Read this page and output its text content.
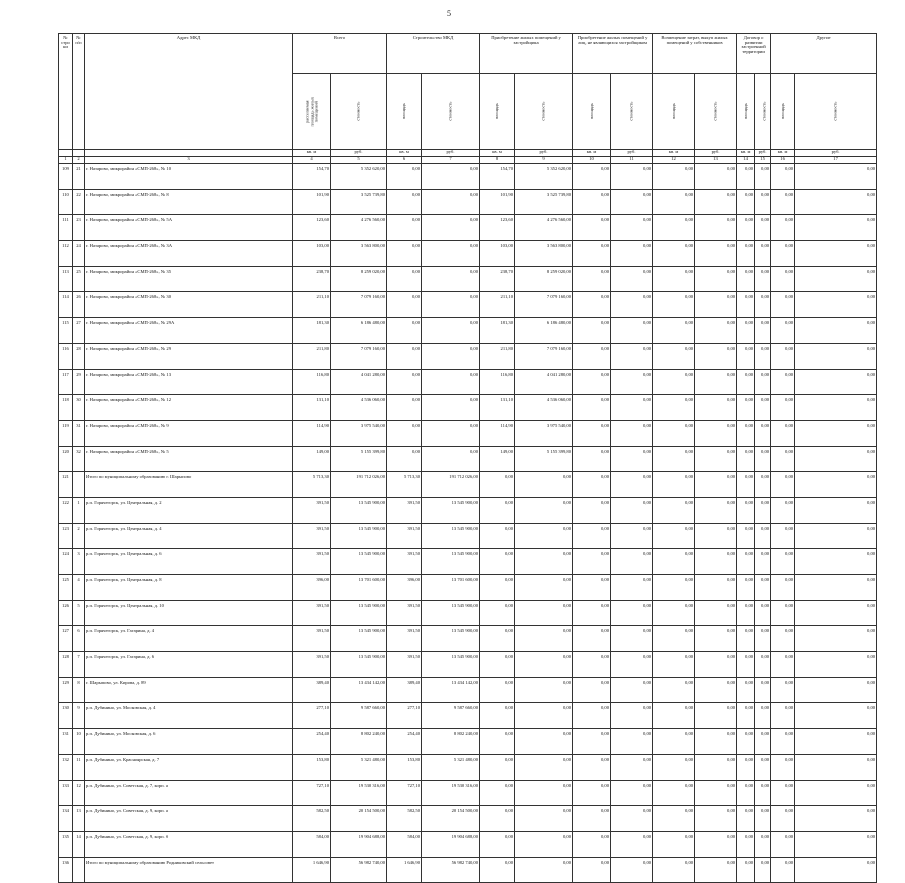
5
№ стро ки	№ п/п	Адрес МКД	Всего		Строительство МКД		Приобретение жилых помещений у застройщика		Приобретение жилых помещений у лиц, не являющихся застройщиком		Возмещение затрат, выкуп жилых помещений у собственников		Договор о развитии застроенной территории		Другие	
			расселяемая площадь жилых помещений	стоимость	площадь	стоимость	площадь	стоимость	площадь	стоимость	площадь	стоимость	площадь	стоимость	площадь	стоимость
			кв. м	руб.	кв. м	руб.	кв. м	руб.	кв. м	руб.	кв. м	руб.	кв. м	руб.	кв. м	руб.
1	2	3	4	5	6	7	8	9	10	11	12	13	14	15	16	17
109	21	г. Назарово, микрорайон «СМП-268», № 10	154,70	5 352 620,00	0,00	0,00	154,70	5 352 620,00	0,00	0,00	0,00	0,00	0,00	0,00	0,00	0,00
110	22	г. Назарово, микрорайон «СМП-268», № 8	101,90	3 525 739,80	0,00	0,00	101,90	3 525 739,80	0,00	0,00	0,00	0,00	0,00	0,00	0,00	0,00
111	23	г. Назарово, микрорайон «СМП-268», № 5А	123,60	4 276 560,00	0,00	0,00	123,60	4 276 560,00	0,00	0,00	0,00	0,00	0,00	0,00	0,00	0,00
112	24	г. Назарово, микрорайон «СМП-268», № 3А	103,00	3 563 800,00	0,00	0,00	103,00	3 563 800,00	0,00	0,00	0,00	0,00	0,00	0,00	0,00	0,00
113	25	г. Назарово, микрорайон «СМП-268», № 35	238,70	8 259 020,00	0,00	0,00	238,70	8 259 020,00	0,00	0,00	0,00	0,00	0,00	0,00	0,00	0,00
114	26	г. Назарово, микрорайон «СМП-268», № 30	211,10	7 079 160,00	0,00	0,00	211,10	7 079 160,00	0,00	0,00	0,00	0,00	0,00	0,00	0,00	0,00
115	27	г. Назарово, микрорайон «СМП-268», № 29А	181,30	6 186 480,00	0,00	0,00	181,30	6 186 480,00	0,00	0,00	0,00	0,00	0,00	0,00	0,00	0,00
116	28	г. Назарово, микрорайон «СМП-268», № 29	211,80	7 079 160,00	0,00	0,00	211,80	7 079 160,00	0,00	0,00	0,00	0,00	0,00	0,00	0,00	0,00
117	29	г. Назарово, микрорайон «СМП-268», № 13	116,80	4 041 280,00	0,00	0,00	116,80	4 041 280,00	0,00	0,00	0,00	0,00	0,00	0,00	0,00	0,00
118	30	г. Назарово, микрорайон «СМП-268», № 12	131,10	4 536 060,00	0,00	0,00	131,10	4 536 060,00	0,00	0,00	0,00	0,00	0,00	0,00	0,00	0,00
119	31	г. Назарово, микрорайон «СМП-268», № 9	114,90	3 975 540,00	0,00	0,00	114,90	3 975 540,00	0,00	0,00	0,00	0,00	0,00	0,00	0,00	0,00
120	32	г. Назарово, микрорайон «СМП-268», № 5	149,00	5 155 399,80	0,00	0,00	149,00	5 155 399,80	0,00	0,00	0,00	0,00	0,00	0,00	0,00	0,00
121		Итого по муниципальному образованию г. Шарыпово	5 713,30	191 712 026,00	5 713,30	191 712 026,00	0,00	0,00	0,00	0,00	0,00	0,00	0,00	0,00	0,00	0,00
122	1	р.п. Горячегорск, ул. Центральная, д. 2	391,50	13 545 900,00	391,50	13 545 900,00	0,00	0,00	0,00	0,00	0,00	0,00	0,00	0,00	0,00	0,00
123	2	р.п. Горячегорск, ул. Центральная, д. 4	391,50	13 545 900,00	391,50	13 545 900,00	0,00	0,00	0,00	0,00	0,00	0,00	0,00	0,00	0,00	0,00
124	3	р.п. Горячегорск, ул. Центральная, д. 6	391,50	13 545 900,00	391,50	13 545 900,00	0,00	0,00	0,00	0,00	0,00	0,00	0,00	0,00	0,00	0,00
125	4	р.п. Горячегорск, ул. Центральная, д. 8	396,00	13 701 600,00	396,00	13 701 600,00	0,00	0,00	0,00	0,00	0,00	0,00	0,00	0,00	0,00	0,00
126	5	р.п. Горячегорск, ул. Центральная, д. 10	391,50	13 545 900,00	391,50	13 545 900,00	0,00	0,00	0,00	0,00	0,00	0,00	0,00	0,00	0,00	0,00
127	6	р.п. Горячегорск, ул. Гагарина, д. 4	391,50	13 545 900,00	391,50	13 545 900,00	0,00	0,00	0,00	0,00	0,00	0,00	0,00	0,00	0,00	0,00
128	7	р.п. Горячегорск, ул. Гагарина, д. 6	391,50	13 545 900,00	391,50	13 545 900,00	0,00	0,00	0,00	0,00	0,00	0,00	0,00	0,00	0,00	0,00
129	8	г. Шарыпово, ул. Кирова, д. 89	389,40	13 434 142,00	389,40	13 434 142,00	0,00	0,00	0,00	0,00	0,00	0,00	0,00	0,00	0,00	0,00
130	9	р.п. Дубинино, ул. Московская, д. 4	277,10	9 587 660,00	277,10	9 587 660,00	0,00	0,00	0,00	0,00	0,00	0,00	0,00	0,00	0,00	0,00
131	10	р.п. Дубинино, ул. Московская, д. 6	254,40	8 802 240,00	254,40	8 802 240,00	0,00	0,00	0,00	0,00	0,00	0,00	0,00	0,00	0,00	0,00
132	11	р.п. Дубинино, ул. Красноярская, д. 7	153,80	5 321 480,00	153,80	5 321 480,00	0,00	0,00	0,00	0,00	0,00	0,00	0,00	0,00	0,00	0,00
133	12	р.п. Дубинино, ул. Советская, д. 7, корп. а	727,10	19 530 316,00	727,10	19 530 316,00	0,00	0,00	0,00	0,00	0,00	0,00	0,00	0,00	0,00	0,00
134	13	р.п. Дубинино, ул. Советская, д. 9, корп. а	582,50	20 154 500,00	582,50	20 154 500,00	0,00	0,00	0,00	0,00	0,00	0,00	0,00	0,00	0,00	0,00
135	14	р.п. Дубинино, ул. Советская, д. 9, корп. б	584,00	19 904 688,00	584,00	19 904 688,00	0,00	0,00	0,00	0,00	0,00	0,00	0,00	0,00	0,00	0,00
136		Итого по муниципальному образованию Родниковский сельсовет	1 646,90	56 982 740,00	1 646,90	56 982 740,00	0,00	0,00	0,00	0,00	0,00	0,00	0,00	0,00	0,00	0,00
